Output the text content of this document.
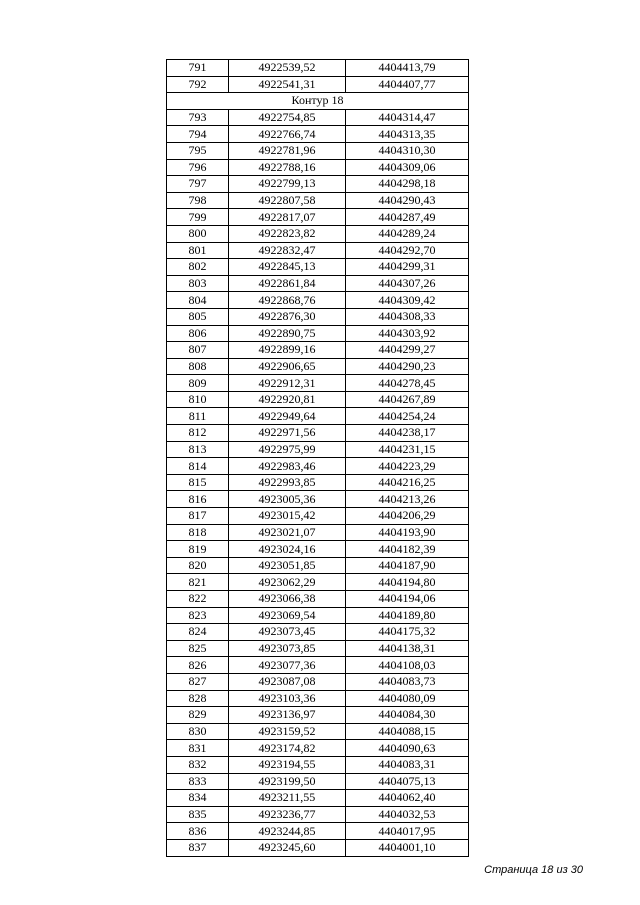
791	4922539,52	4404413,79
792	4922541,31	4404407,77
Контур 18		
793	4922754,85	4404314,47
794	4922766,74	4404313,35
795	4922781,96	4404310,30
796	4922788,16	4404309,06
797	4922799,13	4404298,18
798	4922807,58	4404290,43
799	4922817,07	4404287,49
800	4922823,82	4404289,24
801	4922832,47	4404292,70
802	4922845,13	4404299,31
803	4922861,84	4404307,26
804	4922868,76	4404309,42
805	4922876,30	4404308,33
806	4922890,75	4404303,92
807	4922899,16	4404299,27
808	4922906,65	4404290,23
809	4922912,31	4404278,45
810	4922920,81	4404267,89
811	4922949,64	4404254,24
812	4922971,56	4404238,17
813	4922975,99	4404231,15
814	4922983,46	4404223,29
815	4922993,85	4404216,25
816	4923005,36	4404213,26
817	4923015,42	4404206,29
818	4923021,07	4404193,90
819	4923024,16	4404182,39
820	4923051,85	4404187,90
821	4923062,29	4404194,80
822	4923066,38	4404194,06
823	4923069,54	4404189,80
824	4923073,45	4404175,32
825	4923073,85	4404138,31
826	4923077,36	4404108,03
827	4923087,08	4404083,73
828	4923103,36	4404080,09
829	4923136,97	4404084,30
830	4923159,52	4404088,15
831	4923174,82	4404090,63
832	4923194,55	4404083,31
833	4923199,50	4404075,13
834	4923211,55	4404062,40
835	4923236,77	4404032,53
836	4923244,85	4404017,95
837	4923245,60	4404001,10
Страница 18 из 30
